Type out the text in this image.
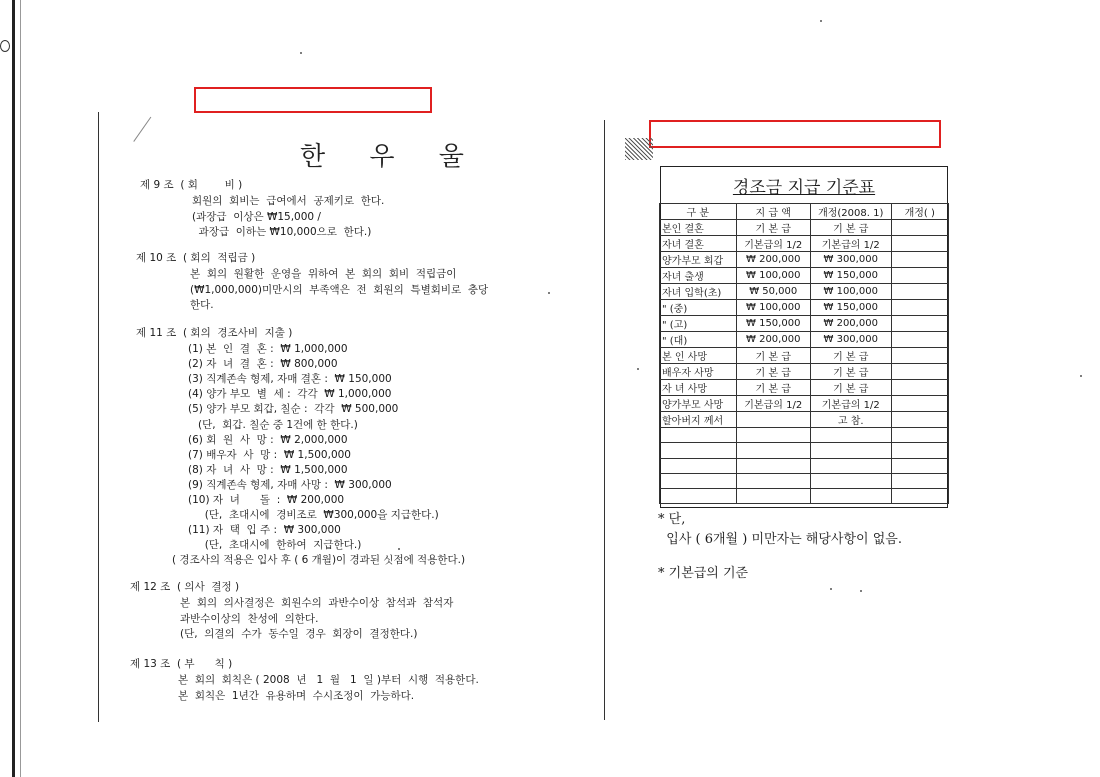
한 우 울
제 9 조  ( 회        비 )
회원의  회비는  급여에서  공제키로  한다.
(과장급  이상은 ₩15,000 /
과장급  이하는 ₩10,000으로  한다.)
제 10 조  ( 회의  적립금 )
본  회의  원활한  운영을  위하여  본  회의  회비  적립금이
(₩1,000,000)미만시의  부족액은  전  회원의  특별회비로  충당
한다.
제 11 조  ( 회의  경조사비  지출 )
(1) 본  인  결  혼 :  ₩ 1,000,000
(2) 자  녀  결  혼 :  ₩ 800,000
(3) 직계존속 형제, 자매 결혼 :  ₩ 150,000
(4) 양가 부모  별  세 :  각각  ₩ 1,000,000
(5) 양가 부모 회갑, 칠순 :  각각  ₩ 500,000
(단,  회갑. 칠순 중 1건에 한 한다.)
(6) 회  원  사  망 :  ₩ 2,000,000
(7) 배우자  사  망 :  ₩ 1,500,000
(8) 자  녀  사  망 :  ₩ 1,500,000
(9) 직계존속 형제, 자매 사망 :  ₩ 300,000
(10) 자  녀      돌  :  ₩ 200,000
(단,  초대시에  경비조로  ₩300,000을 지급한다.)
(11) 자  택  입 주 :  ₩ 300,000
(단,  초대시에  한하여  지급한다.)
( 경조사의 적용은 입사 후 ( 6 개월)이 경과된 싯점에 적용한다.)
제 12 조  ( 의사  결정 )
본  회의  의사결정은  회원수의  과반수이상  참석과  참석자
과반수이상의  찬성에  의한다.
(단,  의결의  수가  동수일  경우  회장이  결정한다.)
제 13 조  ( 부      칙 )
본  회의  회칙은 ( 2008  년   1  월   1  일 )부터  시행  적용한다.
본  회칙은  1년간  유용하며  수시조정이  가능하다.
경조금 지급 기준표
구 분	지 급 액	개정(2008. 1)	개정( )
본인 결혼	기 본 급	기 본 급	
자녀 결혼	기본급의 1/2	기본급의 1/2	
양가부모 회갑	₩ 200,000	₩ 300,000	
자녀 출생	₩ 100,000	₩ 150,000	
자녀 입학(초)	₩ 50,000	₩ 100,000	
" (중)	₩ 100,000	₩ 150,000	
" (고)	₩ 150,000	₩ 200,000	
" (대)	₩ 200,000	₩ 300,000	
본 인 사망	기 본 급	기 본 급	
배우자 사망	기 본 급	기 본 급	
자 녀 사망	기 본 급	기 본 급	
양가부모 사망	기본급의 1/2	기본급의 1/2	
할아버지 께서		고 참.	

* 단,
입사 ( 6개월 ) 미만자는 해당사항이 없음.
* 기본급의 기준
